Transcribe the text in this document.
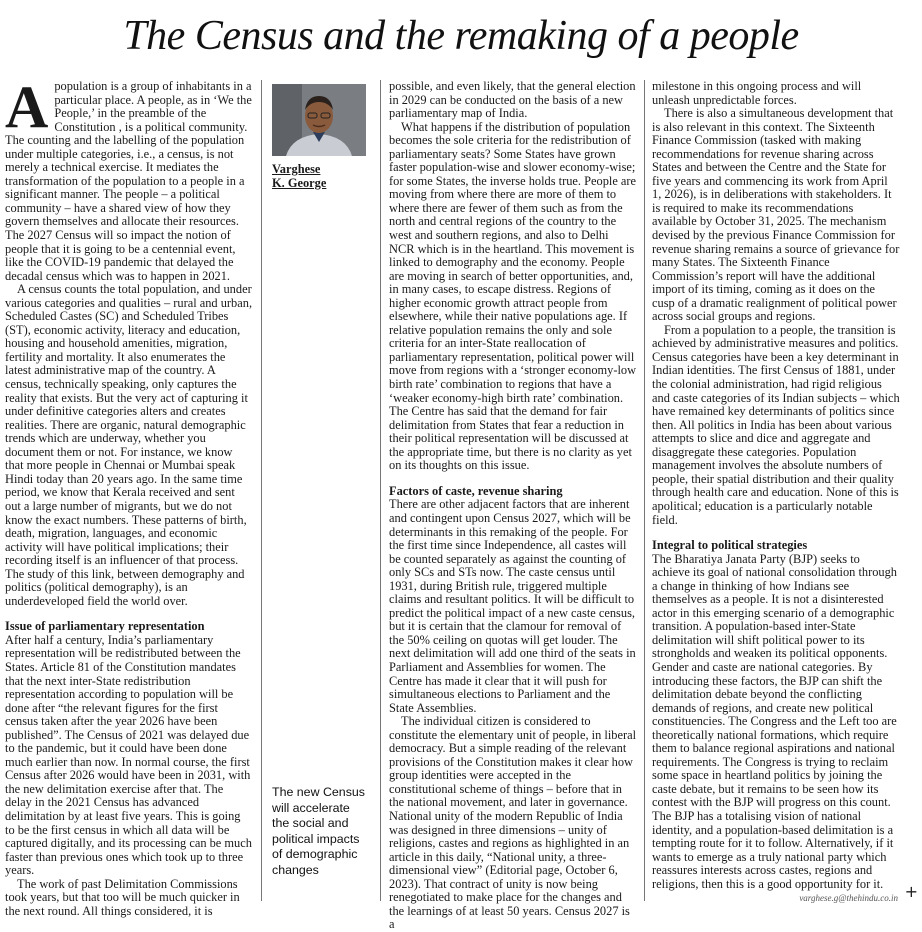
The Census and the remaking of a people

A population is a group of inhabitants in a particular place. A people, as in ‘We the People,’ in the preamble of the Constitution , is a political community. The counting and the labelling of the population under multiple categories, i.e., a census, is not merely a technical exercise. It mediates the transformation of the population to a people in a significant manner. The people – a political community – have a shared view of how they govern themselves and allocate their resources. The 2027 Census will so impact the notion of people that it is going to be a centennial event, like the COVID-19 pandemic that delayed the decadal census which was to happen in 2021.

A census counts the total population, and under various categories and qualities – rural and urban, Scheduled Castes (SC) and Scheduled Tribes (ST), economic activity, literacy and education, housing and household amenities, migration, fertility and mortality. It also enumerates the latest administrative map of the country. A census, technically speaking, only captures the reality that exists. But the very act of capturing it under definitive categories alters and creates realities. There are organic, natural demographic trends which are underway, whether you document them or not. For instance, we know that more people in Chennai or Mumbai speak Hindi today than 20 years ago. In the same time period, we know that Kerala received and sent out a large number of migrants, but we do not know the exact numbers. These patterns of birth, death, migration, languages, and economic activity will have political implications; their recording itself is an influencer of that process. The study of this link, between demography and politics (political demography), is an underdeveloped field the world over.

Issue of parliamentary representation

After half a century, India’s parliamentary representation will be redistributed between the States. Article 81 of the Constitution mandates that the next inter-State redistribution representation according to population will be done after “the relevant figures for the first census taken after the year 2026 have been published”. The Census of 2021 was delayed due to the pandemic, but it could have been done much earlier than now. In normal course, the first Census after 2026 would have been in 2031, with the new delimitation exercise after that. The delay in the 2021 Census has advanced delimitation by at least five years. This is going to be the first census in which all data will be captured digitally, and its processing can be much faster than previous ones which took up to three years.

The work of past Delimitation Commissions took years, but that too will be much quicker in the next round. All things considered, it is

Varghese
K. George
The new Census will accelerate the social and political impacts of demographic changes

possible, and even likely, that the general election in 2029 can be conducted on the basis of a new parliamentary map of India.

What happens if the distribution of population becomes the sole criteria for the redistribution of parliamentary seats? Some States have grown faster population-wise and slower economy-wise; for some States, the inverse holds true. People are moving from where there are more of them to where there are fewer of them such as from the north and central regions of the country to the west and southern regions, and also to Delhi NCR which is in the heartland. This movement is linked to demography and the economy. People are moving in search of better opportunities, and, in many cases, to escape distress. Regions of higher economic growth attract people from elsewhere, while their native populations age. If relative population remains the only and sole criteria for an inter-State reallocation of parliamentary representation, political power will move from regions with a ‘stronger economy-low birth rate’ combination to regions that have a ‘weaker economy-high birth rate’ combination. The Centre has said that the demand for fair delimitation from States that fear a reduction in their political representation will be discussed at the appropriate time, but there is no clarity as yet on its thoughts on this issue.

Factors of caste, revenue sharing

There are other adjacent factors that are inherent and contingent upon Census 2027, which will be determinants in this remaking of the people. For the first time since Independence, all castes will be counted separately as against the counting of only SCs and STs now. The caste census until 1931, during British rule, triggered multiple claims and resultant politics. It will be difficult to predict the political impact of a new caste census, but it is certain that the clamour for removal of the 50% ceiling on quotas will get louder. The next delimitation will add one third of the seats in Parliament and Assemblies for women. The Centre has made it clear that it will push for simultaneous elections to Parliament and the State Assemblies.

The individual citizen is considered to constitute the elementary unit of people, in liberal democracy. But a simple reading of the relevant provisions of the Constitution makes it clear how group identities were accepted in the constitutional scheme of things – before that in the national movement, and later in governance. National unity of the modern Republic of India was designed in three dimensions – unity of religions, castes and regions as highlighted in an article in this daily, “National unity, a three-dimensional view” (Editorial page, October 6, 2023). That contract of unity is now being renegotiated to make place for the changes and the learnings of at least 50 years. Census 2027 is a

milestone in this ongoing process and will unleash unpredictable forces.

There is also a simultaneous development that is also relevant in this context. The Sixteenth Finance Commission (tasked with making recommendations for revenue sharing across States and between the Centre and the State for five years and commencing its work from April 1, 2026), is in deliberations with stakeholders. It is required to make its recommendations available by October 31, 2025. The mechanism devised by the previous Finance Commission for revenue sharing remains a source of grievance for many States. The Sixteenth Finance Commission’s report will have the additional import of its timing, coming as it does on the cusp of a dramatic realignment of political power across social groups and regions.

From a population to a people, the transition is achieved by administrative measures and politics. Census categories have been a key determinant in Indian identities. The first Census of 1881, under the colonial administration, had rigid religious and caste categories of its Indian subjects – which have remained key determinants of politics since then. All politics in India has been about various attempts to slice and dice and aggregate and disaggregate these categories. Population management involves the absolute numbers of people, their spatial distribution and their quality through health care and education. None of this is apolitical; education is a particularly notable field.

Integral to political strategies

The Bharatiya Janata Party (BJP) seeks to achieve its goal of national consolidation through a change in thinking of how Indians see themselves as a people. It is not a disinterested actor in this emerging scenario of a demographic transition. A population-based inter-State delimitation will shift political power to its strongholds and weaken its political opponents. Gender and caste are national categories. By introducing these factors, the BJP can shift the delimitation debate beyond the conflicting demands of regions, and create new political constituencies. The Congress and the Left too are theoretically national formations, which require them to balance regional aspirations and national requirements. The Congress is trying to reclaim some space in heartland politics by joining the caste debate, but it remains to be seen how its contest with the BJP will progress on this count. The BJP has a totalising vision of national identity, and a population-based delimitation is a tempting route for it to follow. Alternatively, if it wants to emerge as a truly national party which reassures interests across castes, regions and religions, then this is a good opportunity for it.

varghese.g@thehindu.co.in +
